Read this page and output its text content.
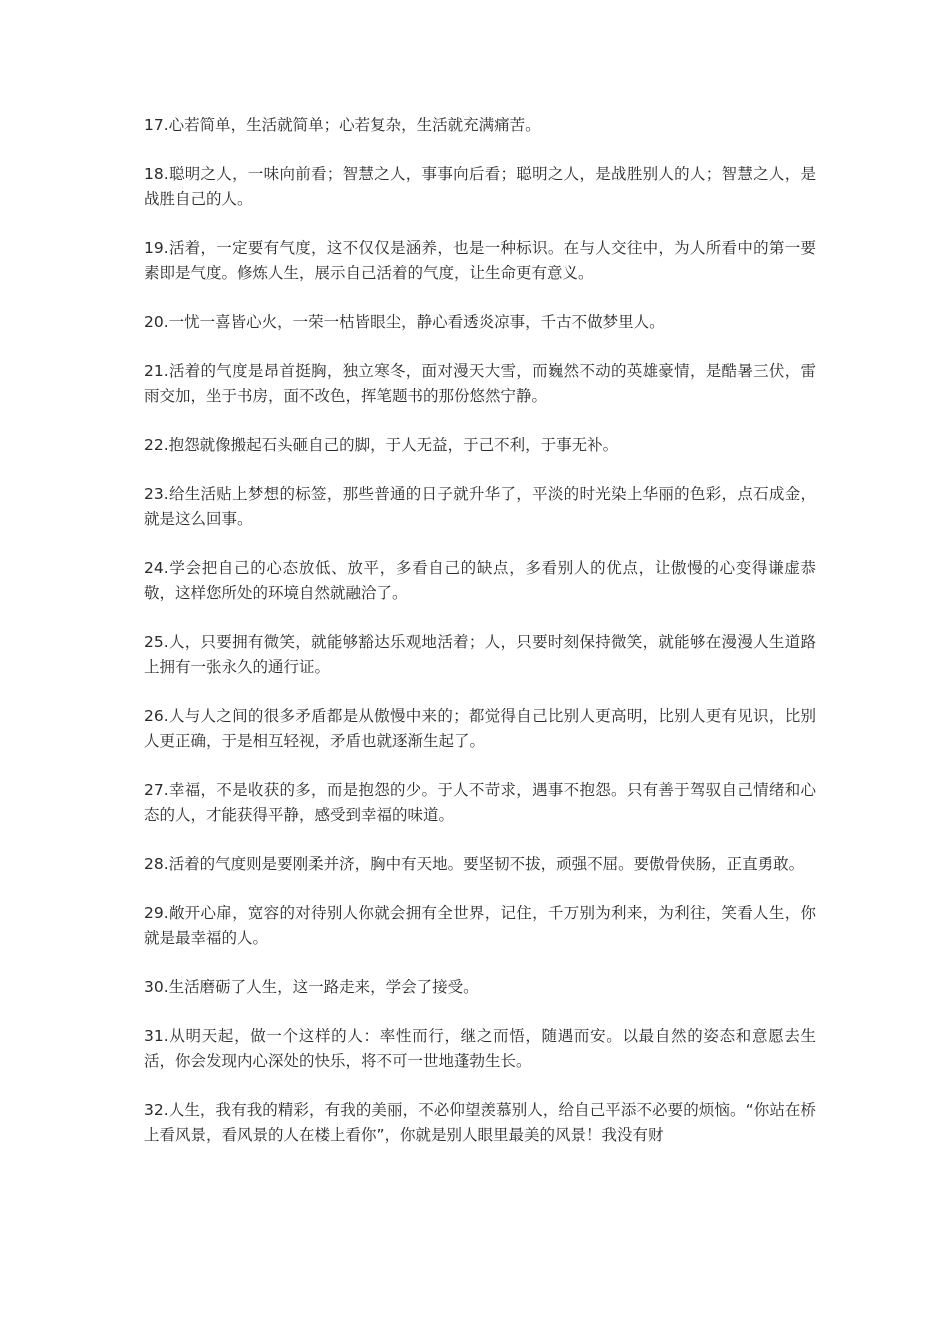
17.心若简单，生活就简单；心若复杂，生活就充满痛苦。

18.聪明之人，一味向前看；智慧之人，事事向后看；聪明之人，是战胜别人的人；智慧之人，是战胜自己的人。

19.活着，一定要有气度，这不仅仅是涵养，也是一种标识。在与人交往中，为人所看中的第一要素即是气度。修炼人生，展示自己活着的气度，让生命更有意义。

20.一忧一喜皆心火，一荣一枯皆眼尘，静心看透炎凉事，千古不做梦里人。

21.活着的气度是昂首挺胸，独立寒冬，面对漫天大雪，而巍然不动的英雄豪情，是酷暑三伏，雷雨交加，坐于书房，面不改色，挥笔题书的那份悠然宁静。

22.抱怨就像搬起石头砸自己的脚，于人无益，于己不利，于事无补。

23.给生活贴上梦想的标签，那些普通的日子就升华了，平淡的时光染上华丽的色彩，点石成金，就是这么回事。

24.学会把自己的心态放低、放平，多看自己的缺点，多看别人的优点，让傲慢的心变得谦虚恭敬，这样您所处的环境自然就融洽了。

25.人，只要拥有微笑，就能够豁达乐观地活着；人，只要时刻保持微笑，就能够在漫漫人生道路上拥有一张永久的通行证。

26.人与人之间的很多矛盾都是从傲慢中来的；都觉得自己比别人更高明，比别人更有见识，比别人更正确，于是相互轻视，矛盾也就逐渐生起了。

27.幸福，不是收获的多，而是抱怨的少。于人不苛求，遇事不抱怨。只有善于驾驭自己情绪和心态的人，才能获得平静，感受到幸福的味道。

28.活着的气度则是要刚柔并济，胸中有天地。要坚韧不拔，顽强不屈。要傲骨侠肠，正直勇敢。

29.敞开心扉，宽容的对待别人你就会拥有全世界，记住，千万别为利来，为利往，笑看人生，你就是最幸福的人。

30.生活磨砺了人生，这一路走来，学会了接受。

31.从明天起，做一个这样的人：率性而行，继之而悟，随遇而安。以最自然的姿态和意愿去生活，你会发现内心深处的快乐，将不可一世地蓬勃生长。

32.人生，我有我的精彩，有我的美丽，不必仰望羡慕别人，给自己平添不必要的烦恼。“你站在桥上看风景，看风景的人在楼上看你”，你就是别人眼里最美的风景！我没有财
